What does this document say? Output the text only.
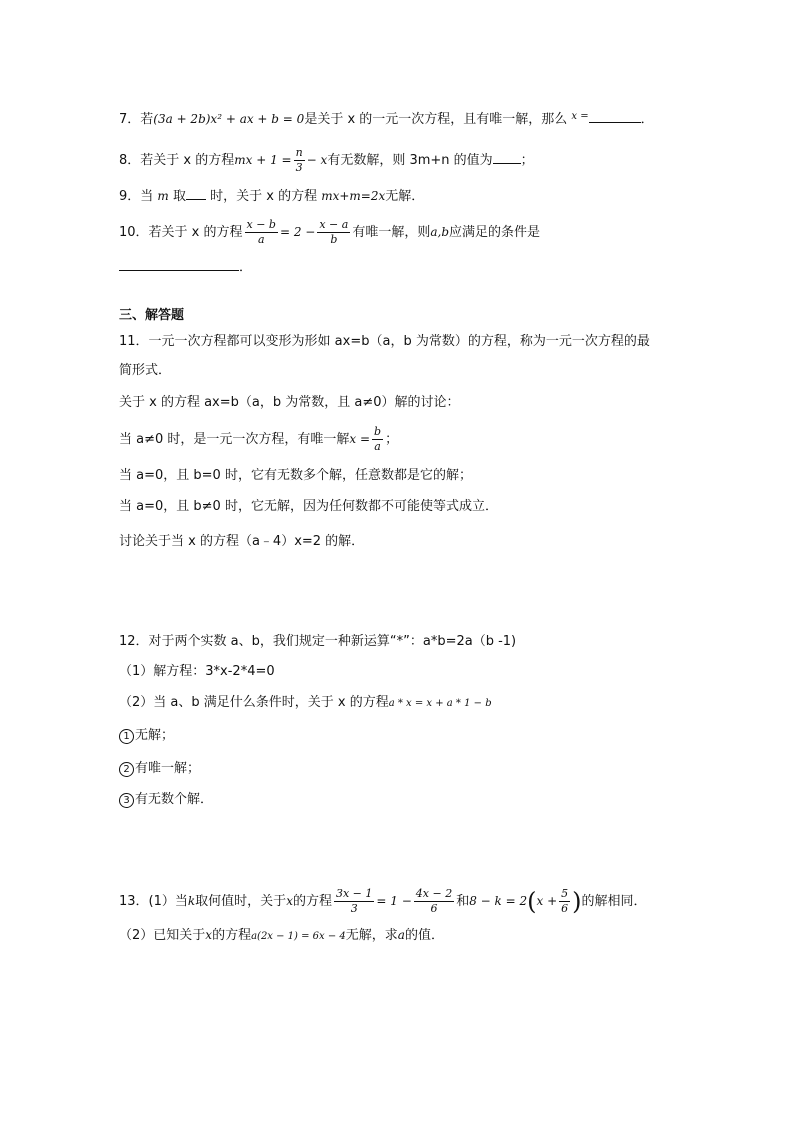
7．若(3a + 2b)x² + ax + b = 0是关于 x 的一元一次方程，且有唯一解，那么 $^{x =}$	．
8．若关于 x 的方程mx + $1 = \frac{n}{3} - x$有无数解，则 3m+n 的值为 ；
9．当 m 取 时，关于 x 的方程 mx+m=2x无解．
10．若关于 x 的方程 $\frac{x - b}{a} = 2 - \frac{x - a}{b}$ 有唯一解，则a,b应满足的条件是
．
三、解答题
11．一元一次方程都可以变形为形如 ax=b（a，b 为常数）的方程，称为一元一次方程的最
简形式．
关于 x 的方程 ax=b（a，b 为常数，且 a≠0）解的讨论：
当 a≠0 时，是一元一次方程，有唯一解$x = \frac{b}{a}$ ；
当 a=0，且 b=0 时，它有无数多个解，任意数都是它的解；
当 a=0，且 b≠0 时，它无解，因为任何数都不可能使等式成立．
讨论关于当 x 的方程（a﹣4）x=2 的解．
12．对于两个实数 a、b，我们规定一种新运算“*”：a*b=2a（b -1)
（1）解方程：3*x-2*4=0
（2）当 a、b 满足什么条件时，关于 x 的方程a * x = x + a * 1 − b
1 无解；
2 有唯一解；
3 有无数个解．
13．(1）当k取何值时，关于x的方程 $\frac{3x - 1}{3} = 1 - \frac{4x - 2}{6}$ 和$8 - k = 2(x + \frac{5}{6}$ )的解相同．
（2）已知关于x的方程a(2x − 1) = 6x − 4无解，求a的值．
